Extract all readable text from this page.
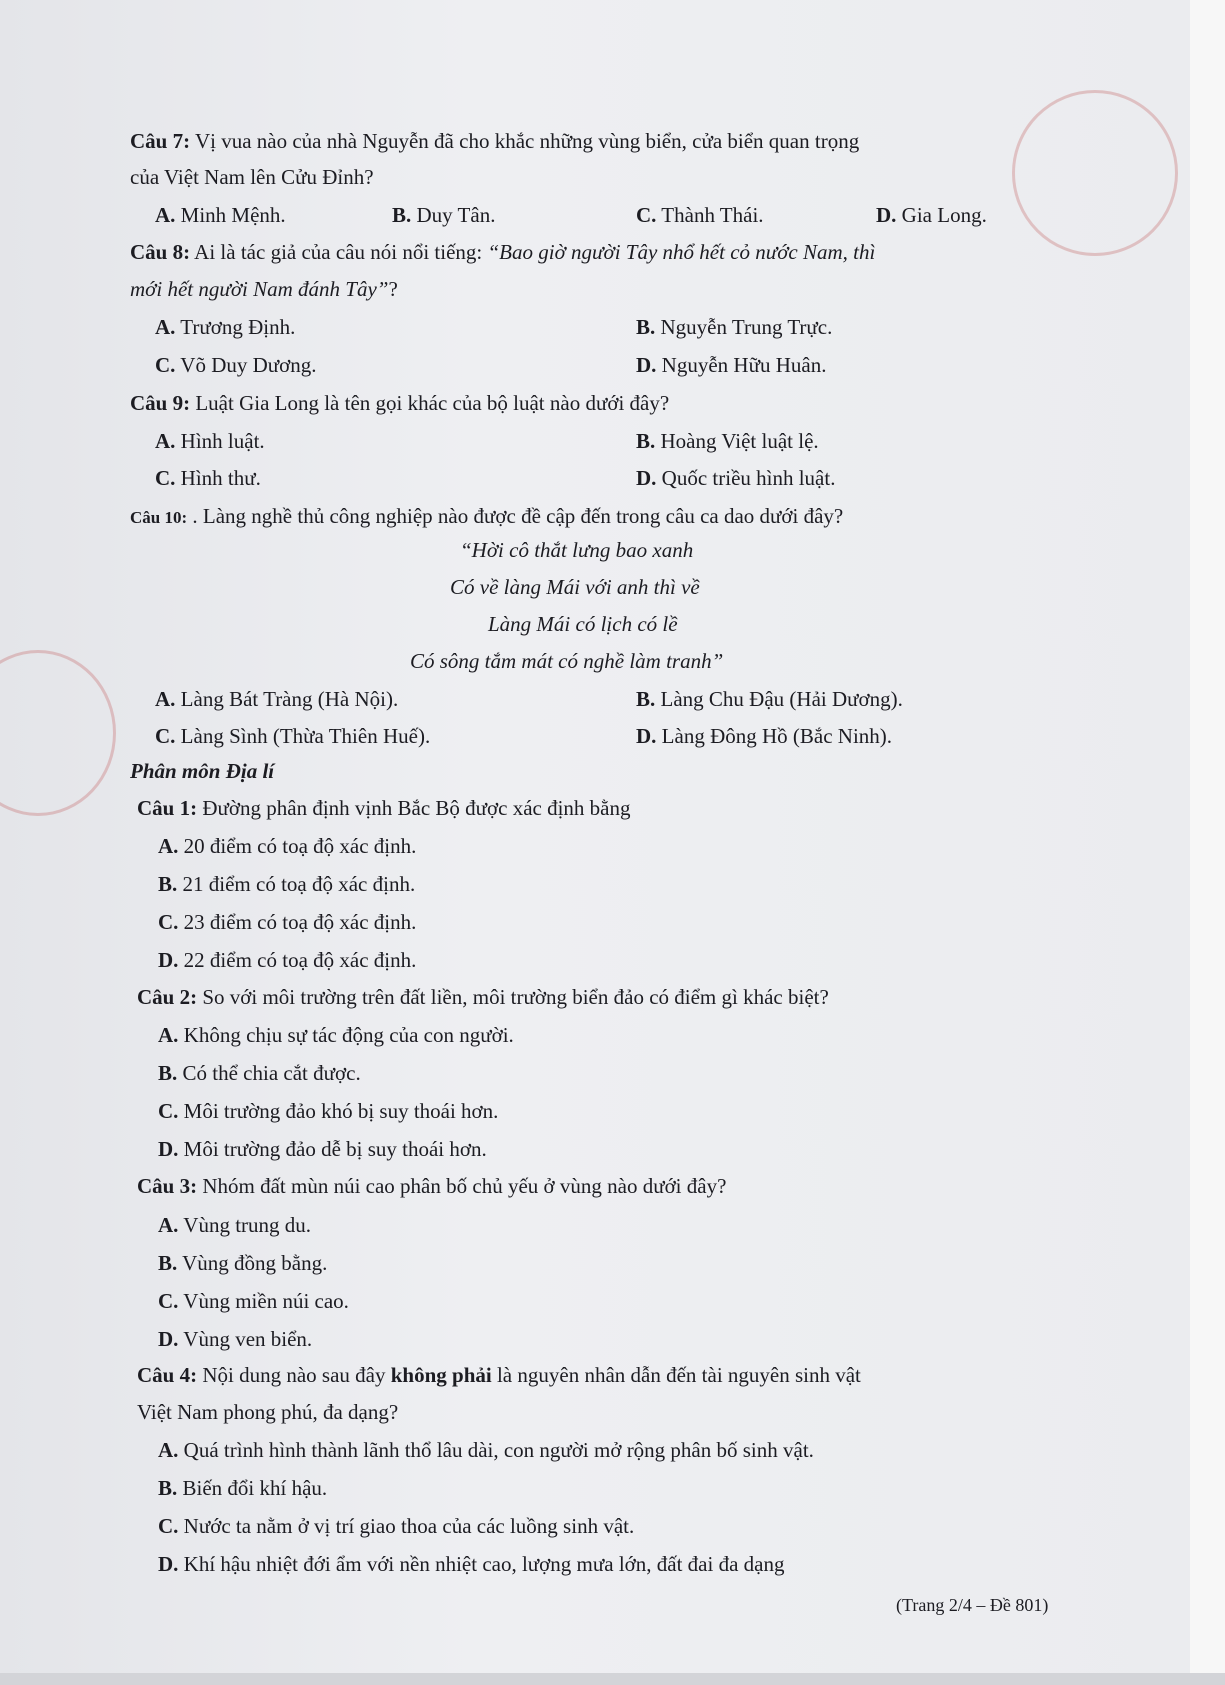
Câu 7: Vị vua nào của nhà Nguyễn đã cho khắc những vùng biển, cửa biển quan trọng
của Việt Nam lên Cửu Đỉnh?
A. Minh Mệnh.	B. Duy Tân.	C. Thành Thái.	D. Gia Long.
Câu 8: Ai là tác giả của câu nói nổi tiếng: “Bao giờ người Tây nhổ hết cỏ nước Nam, thì
mới hết người Nam đánh Tây”?
A. Trương Định.	B. Nguyễn Trung Trực.
C. Võ Duy Dương.	D. Nguyễn Hữu Huân.
Câu 9: Luật Gia Long là tên gọi khác của bộ luật nào dưới đây?
A. Hình luật.	B. Hoàng Việt luật lệ.
C. Hình thư.	D. Quốc triều hình luật.
Câu 10: . Làng nghề thủ công nghiệp nào được đề cập đến trong câu ca dao dưới đây?
“Hời cô thắt lưng bao xanh
Có về làng Mái với anh thì về
Làng Mái có lịch có lề
Có sông tắm mát có nghề làm tranh”
A. Làng Bát Tràng (Hà Nội).	B. Làng Chu Đậu (Hải Dương).
C. Làng Sình (Thừa Thiên Huế).	D. Làng Đông Hồ (Bắc Ninh).
Phân môn Địa lí
Câu 1: Đường phân định vịnh Bắc Bộ được xác định bằng
A. 20 điểm có toạ độ xác định.
B. 21 điểm có toạ độ xác định.
C. 23 điểm có toạ độ xác định.
D. 22 điểm có toạ độ xác định.
Câu 2: So với môi trường trên đất liền, môi trường biển đảo có điểm gì khác biệt?
A. Không chịu sự tác động của con người.
B. Có thể chia cắt được.
C. Môi trường đảo khó bị suy thoái hơn.
D. Môi trường đảo dễ bị suy thoái hơn.
Câu 3: Nhóm đất mùn núi cao phân bố chủ yếu ở vùng nào dưới đây?
A. Vùng trung du.
B. Vùng đồng bằng.
C. Vùng miền núi cao.
D. Vùng ven biển.
Câu 4: Nội dung nào sau đây không phải là nguyên nhân dẫn đến tài nguyên sinh vật
Việt Nam phong phú, đa dạng?
A. Quá trình hình thành lãnh thổ lâu dài, con người mở rộng phân bố sinh vật.
B. Biến đổi khí hậu.
C. Nước ta nằm ở vị trí giao thoa của các luồng sinh vật.
D. Khí hậu nhiệt đới ẩm với nền nhiệt cao, lượng mưa lớn, đất đai đa dạng
(Trang 2/4 – Đề 801)
